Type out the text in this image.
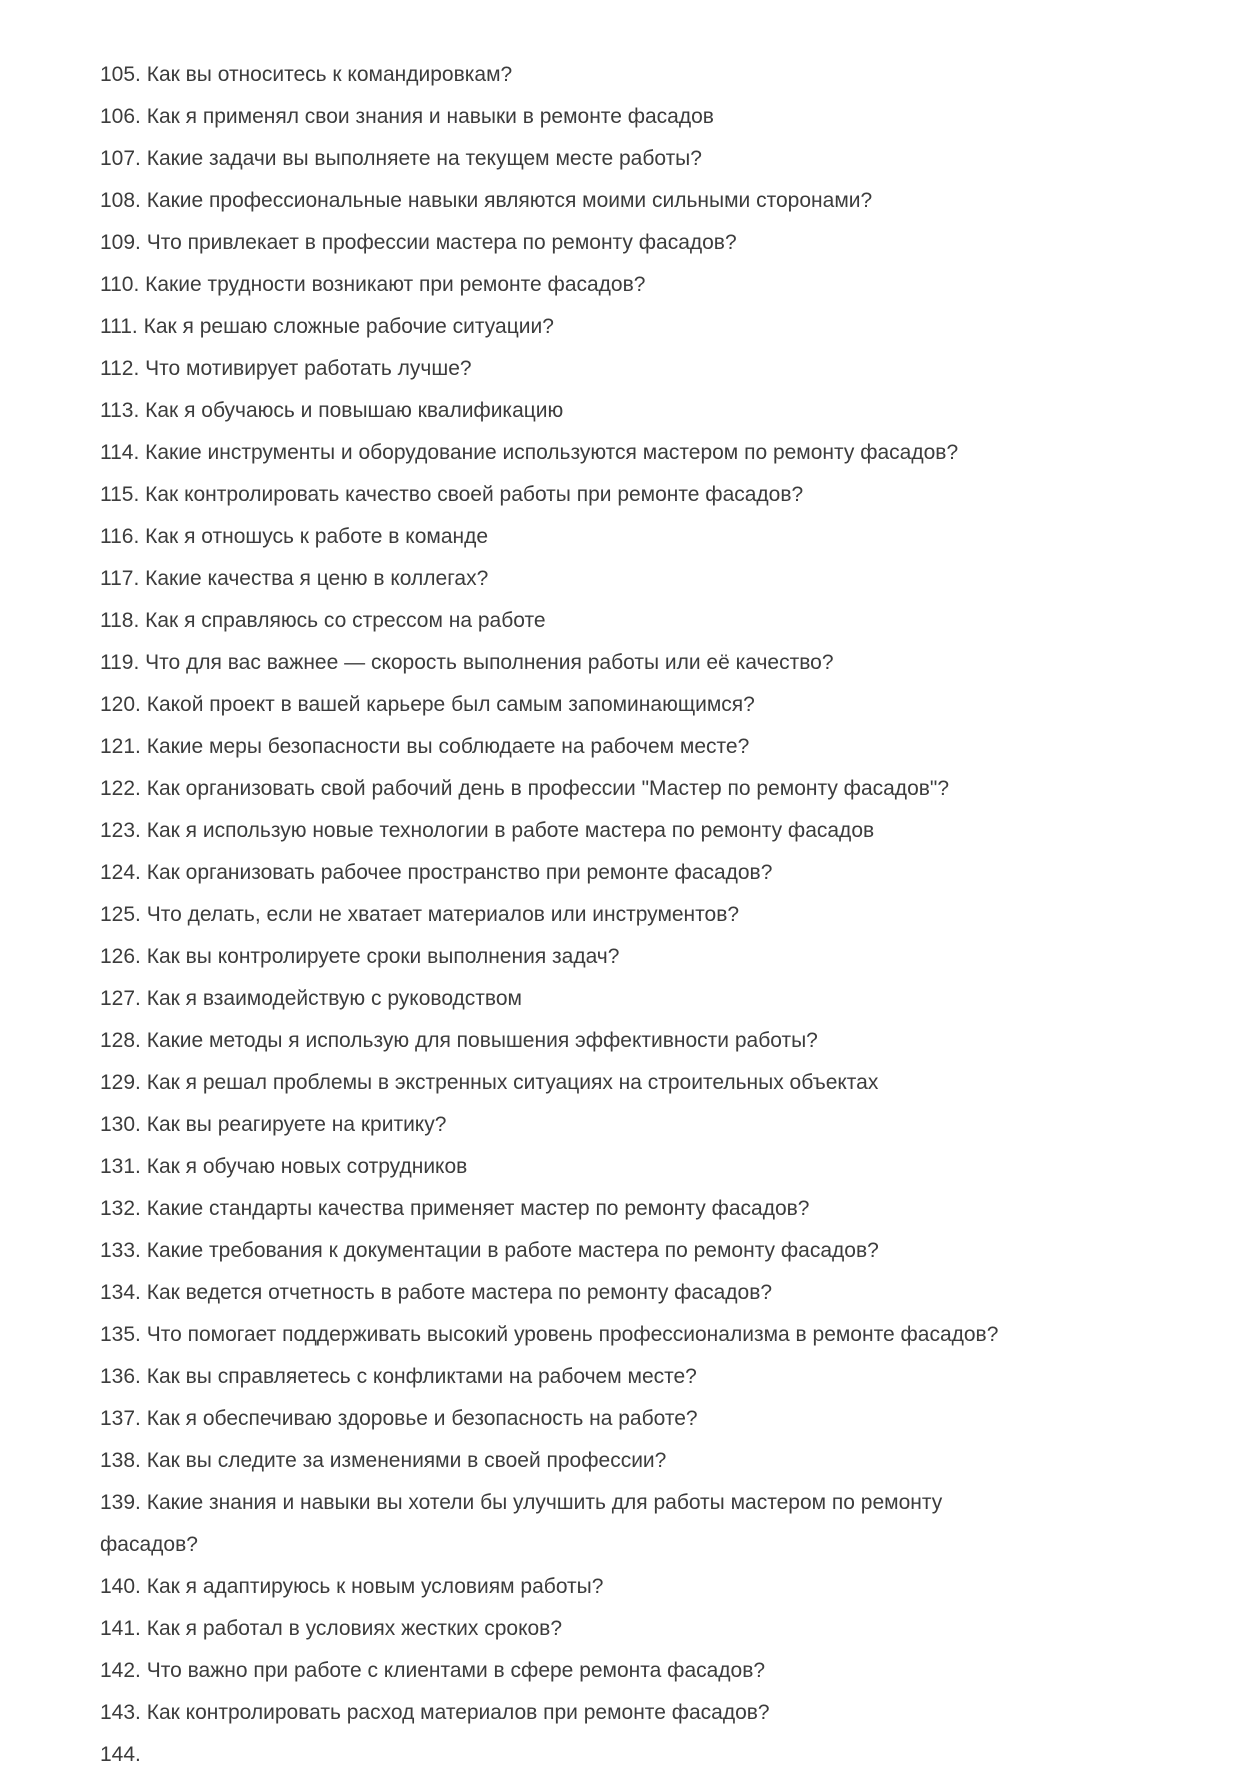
105. Как вы относитесь к командировкам?

106. Как я применял свои знания и навыки в ремонте фасадов

107. Какие задачи вы выполняете на текущем месте работы?

108. Какие профессиональные навыки являются моими сильными сторонами?

109. Что привлекает в профессии мастера по ремонту фасадов?

110. Какие трудности возникают при ремонте фасадов?

111. Как я решаю сложные рабочие ситуации?

112. Что мотивирует работать лучше?

113. Как я обучаюсь и повышаю квалификацию

114. Какие инструменты и оборудование используются мастером по ремонту фасадов?

115. Как контролировать качество своей работы при ремонте фасадов?

116. Как я отношусь к работе в команде

117. Какие качества я ценю в коллегах?

118. Как я справляюсь со стрессом на работе

119. Что для вас важнее — скорость выполнения работы или её качество?

120. Какой проект в вашей карьере был самым запоминающимся?

121. Какие меры безопасности вы соблюдаете на рабочем месте?

122. Как организовать свой рабочий день в профессии "Мастер по ремонту фасадов"?

123. Как я использую новые технологии в работе мастера по ремонту фасадов

124. Как организовать рабочее пространство при ремонте фасадов?

125. Что делать, если не хватает материалов или инструментов?

126. Как вы контролируете сроки выполнения задач?

127. Как я взаимодействую с руководством

128. Какие методы я использую для повышения эффективности работы?

129. Как я решал проблемы в экстренных ситуациях на строительных объектах

130. Как вы реагируете на критику?

131. Как я обучаю новых сотрудников

132. Какие стандарты качества применяет мастер по ремонту фасадов?

133. Какие требования к документации в работе мастера по ремонту фасадов?

134. Как ведется отчетность в работе мастера по ремонту фасадов?

135. Что помогает поддерживать высокий уровень профессионализма в ремонте фасадов?

136. Как вы справляетесь с конфликтами на рабочем месте?

137. Как я обеспечиваю здоровье и безопасность на работе?

138. Как вы следите за изменениями в своей профессии?

139. Какие знания и навыки вы хотели бы улучшить для работы мастером по ремонту фасадов?

140. Как я адаптируюсь к новым условиям работы?

141. Как я работал в условиях жестких сроков?

142. Что важно при работе с клиентами в сфере ремонта фасадов?

143. Как контролировать расход материалов при ремонте фасадов?

144.
